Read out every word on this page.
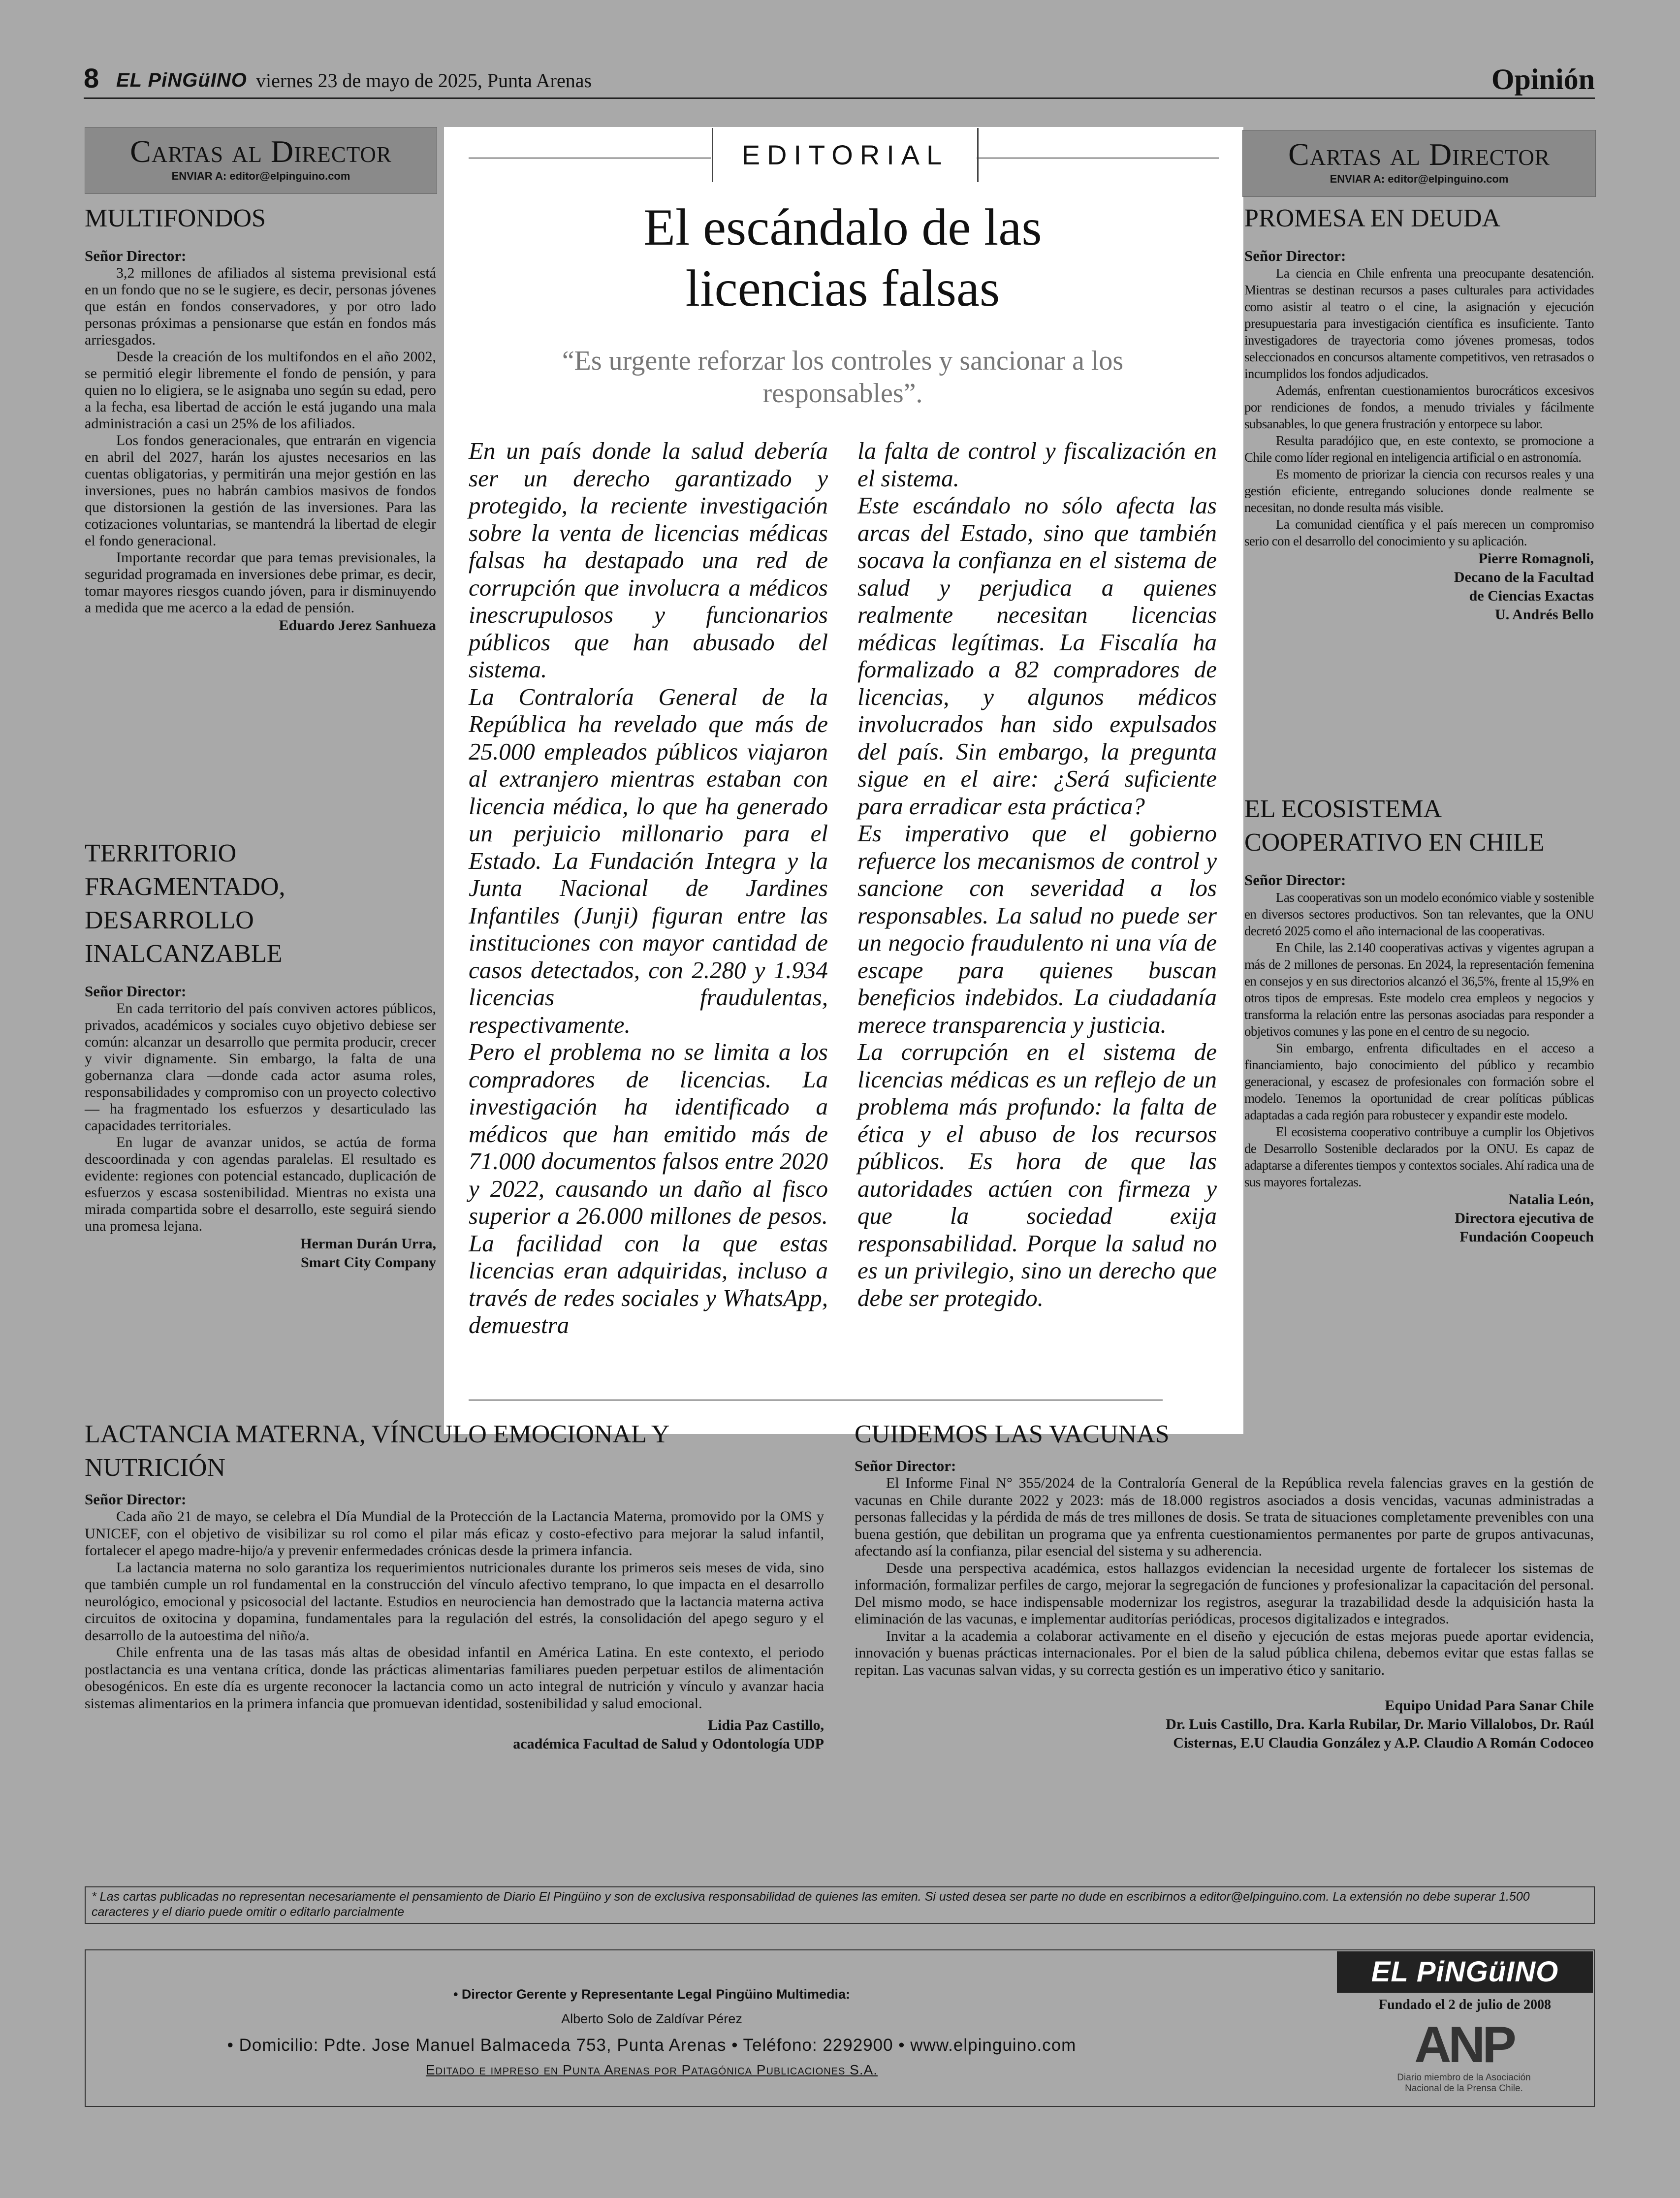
8 EL PiNGüINO viernes 23 de mayo de 2025, Punta Arenas	Opinión
Cartas al Director
ENVIAR A: editor@elpinguino.com
MULTIFONDOS

Señor Director:

3,2 millones de afiliados al sistema previsional está en un fondo que no se le sugiere, es decir, personas jóvenes que están en fondos conservadores, y por otro lado personas próximas a pensionarse que están en fondos más arriesgados.

Desde la creación de los multifondos en el año 2002, se permitió elegir libremente el fondo de pensión, y para quien no lo eligiera, se le asignaba uno según su edad, pero a la fecha, esa libertad de acción le está jugando una mala administración a casi un 25% de los afiliados.

Los fondos generacionales, que entrarán en vigencia en abril del 2027, harán los ajustes necesarios en las cuentas obligatorias, y permitirán una mejor gestión en las inversiones, pues no habrán cambios masivos de fondos que distorsionen la gestión de las inversiones. Para las cotizaciones voluntarias, se mantendrá la libertad de elegir el fondo generacional.

Importante recordar que para temas previsionales, la seguridad programada en inversiones debe primar, es decir, tomar mayores riesgos cuando jóven, para ir disminuyendo a medida que me acerco a la edad de pensión.

Eduardo Jerez Sanhueza

TERRITORIO FRAGMENTADO, DESARROLLO INALCANZABLE

Señor Director:

En cada territorio del país conviven actores públicos, privados, académicos y sociales cuyo objetivo debiese ser común: alcanzar un desarrollo que permita producir, crecer y vivir dignamente. Sin embargo, la falta de una gobernanza clara —donde cada actor asuma roles, responsabilidades y compromiso con un proyecto colectivo— ha fragmentado los esfuerzos y desarticulado las capacidades territoriales.

En lugar de avanzar unidos, se actúa de forma descoordinada y con agendas paralelas. El resultado es evidente: regiones con potencial estancado, duplicación de esfuerzos y escasa sostenibilidad. Mientras no exista una mirada compartida sobre el desarrollo, este seguirá siendo una promesa lejana.

Herman Durán Urra,

Smart City Company

EDITORIAL
El escándalo de las licencias falsas
“Es urgente reforzar los controles y sancionar a los responsables”.

En un país donde la salud debería ser un derecho garantizado y protegido, la reciente investigación sobre la venta de licencias médicas falsas ha destapado una red de corrupción que involucra a médicos inescrupulosos y funcionarios públicos que han abusado del sistema.

La Contraloría General de la República ha revelado que más de 25.000 empleados públicos viajaron al extranjero mientras estaban con licencia médica, lo que ha generado un perjuicio millonario para el Estado. La Fundación Integra y la Junta Nacional de Jardines Infantiles (Junji) figuran entre las instituciones con mayor cantidad de casos detectados, con 2.280 y 1.934 licencias fraudulentas, respectivamente.

Pero el problema no se limita a los compradores de licencias. La investigación ha identificado a médicos que han emitido más de 71.000 documentos falsos entre 2020 y 2022, causando un daño al fisco superior a 26.000 millones de pesos. La facilidad con la que estas licencias eran adquiridas, incluso a través de redes sociales y WhatsApp, demuestra

la falta de control y fiscalización en el sistema.

Este escándalo no sólo afecta las arcas del Estado, sino que también socava la confianza en el sistema de salud y perjudica a quienes realmente necesitan licencias médicas legítimas. La Fiscalía ha formalizado a 82 compradores de licencias, y algunos médicos involucrados han sido expulsados del país. Sin embargo, la pregunta sigue en el aire: ¿Será suficiente para erradicar esta práctica?

Es imperativo que el gobierno refuerce los mecanismos de control y sancione con severidad a los responsables. La salud no puede ser un negocio fraudulento ni una vía de escape para quienes buscan beneficios indebidos. La ciudadanía merece transparencia y justicia.

La corrupción en el sistema de licencias médicas es un reflejo de un problema más profundo: la falta de ética y el abuso de los recursos públicos. Es hora de que las autoridades actúen con firmeza y que la sociedad exija responsabilidad. Porque la salud no es un privilegio, sino un derecho que debe ser protegido.

Cartas al Director
ENVIAR A: editor@elpinguino.com
PROMESA EN DEUDA

Señor Director:

La ciencia en Chile enfrenta una preocupante desatención. Mientras se destinan recursos a pases culturales para actividades como asistir al teatro o el cine, la asignación y ejecución presupuestaria para investigación científica es insuficiente. Tanto investigadores de trayectoria como jóvenes promesas, todos seleccionados en concursos altamente competitivos, ven retrasados o incumplidos los fondos adjudicados.

Además, enfrentan cuestionamientos burocráticos excesivos por rendiciones de fondos, a menudo triviales y fácilmente subsanables, lo que genera frustración y entorpece su labor.

Resulta paradójico que, en este contexto, se promocione a Chile como líder regional en inteligencia artificial o en astronomía.

Es momento de priorizar la ciencia con recursos reales y una gestión eficiente, entregando soluciones donde realmente se necesitan, no donde resulta más visible.

La comunidad científica y el país merecen un compromiso serio con el desarrollo del conocimiento y su aplicación.

Pierre Romagnoli,

Decano de la Facultad

de Ciencias Exactas

U. Andrés Bello

EL ECOSISTEMA COOPERATIVO EN CHILE

Señor Director:

Las cooperativas son un modelo económico viable y sostenible en diversos sectores productivos. Son tan relevantes, que la ONU decretó 2025 como el año internacional de las cooperativas.

En Chile, las 2.140 cooperativas activas y vigentes agrupan a más de 2 millones de personas. En 2024, la representación femenina en consejos y en sus directorios alcanzó el 36,5%, frente al 15,9% en otros tipos de empresas. Este modelo crea empleos y negocios y transforma la relación entre las personas asociadas para responder a objetivos comunes y las pone en el centro de su negocio.

Sin embargo, enfrenta dificultades en el acceso a financiamiento, bajo conocimiento del público y recambio generacional, y escasez de profesionales con formación sobre el modelo. Tenemos la oportunidad de crear políticas públicas adaptadas a cada región para robustecer y expandir este modelo.

El ecosistema cooperativo contribuye a cumplir los Objetivos de Desarrollo Sostenible declarados por la ONU. Es capaz de adaptarse a diferentes tiempos y contextos sociales. Ahí radica una de sus mayores fortalezas.

Natalia León,

Directora ejecutiva de

Fundación Coopeuch

LACTANCIA MATERNA, VÍNCULO EMOCIONAL Y NUTRICIÓN

Señor Director:

Cada año 21 de mayo, se celebra el Día Mundial de la Protección de la Lactancia Materna, promovido por la OMS y UNICEF, con el objetivo de visibilizar su rol como el pilar más eficaz y costo-efectivo para mejorar la salud infantil, fortalecer el apego madre-hijo/a y prevenir enfermedades crónicas desde la primera infancia.

La lactancia materna no solo garantiza los requerimientos nutricionales durante los primeros seis meses de vida, sino que también cumple un rol fundamental en la construcción del vínculo afectivo temprano, lo que impacta en el desarrollo neurológico, emocional y psicosocial del lactante. Estudios en neurociencia han demostrado que la lactancia materna activa circuitos de oxitocina y dopamina, fundamentales para la regulación del estrés, la consolidación del apego seguro y el desarrollo de la autoestima del niño/a.

Chile enfrenta una de las tasas más altas de obesidad infantil en América Latina. En este contexto, el periodo postlactancia es una ventana crítica, donde las prácticas alimentarias familiares pueden perpetuar estilos de alimentación obesogénicos. En este día es urgente reconocer la lactancia como un acto integral de nutrición y vínculo y avanzar hacia sistemas alimentarios en la primera infancia que promuevan identidad, sostenibilidad y salud emocional.

Lidia Paz Castillo,

académica Facultad de Salud y Odontología UDP

CUIDEMOS LAS VACUNAS

Señor Director:

El Informe Final N° 355/2024 de la Contraloría General de la República revela falencias graves en la gestión de vacunas en Chile durante 2022 y 2023: más de 18.000 registros asociados a dosis vencidas, vacunas administradas a personas fallecidas y la pérdida de más de tres millones de dosis. Se trata de situaciones completamente prevenibles con una buena gestión, que debilitan un programa que ya enfrenta cuestionamientos permanentes por parte de grupos antivacunas, afectando así la confianza, pilar esencial del sistema y su adherencia.

Desde una perspectiva académica, estos hallazgos evidencian la necesidad urgente de fortalecer los sistemas de información, formalizar perfiles de cargo, mejorar la segregación de funciones y profesionalizar la capacitación del personal. Del mismo modo, se hace indispensable modernizar los registros, asegurar la trazabilidad desde la adquisición hasta la eliminación de las vacunas, e implementar auditorías periódicas, procesos digitalizados e integrados.

Invitar a la academia a colaborar activamente en el diseño y ejecución de estas mejoras puede aportar evidencia, innovación y buenas prácticas internacionales. Por el bien de la salud pública chilena, debemos evitar que estas fallas se repitan. Las vacunas salvan vidas, y su correcta gestión es un imperativo ético y sanitario.

Equipo Unidad Para Sanar Chile

Dr. Luis Castillo, Dra. Karla Rubilar, Dr. Mario Villalobos, Dr. Raúl

Cisternas, E.U Claudia González y A.P. Claudio A Román Codoceo

* Las cartas publicadas no representan necesariamente el pensamiento de Diario El Pingüino y son de exclusiva responsabilidad de quienes las emiten. Si usted desea ser parte no dude en escribirnos a editor@elpinguino.com. La extensión no debe superar 1.500 caracteres y el diario puede omitir o editarlo parcialmente
• Director Gerente y Representante Legal Pingüino Multimedia:
Alberto Solo de Zaldívar Pérez
• Domicilio: Pdte. Jose Manuel Balmaceda 753, Punta Arenas • Teléfono: 2292900 • www.elpinguino.com
Editado e impreso en Punta Arenas por Patagónica Publicaciones S.A.
EL PiNGüINO
Fundado el 2 de julio de 2008
ANP
Diario miembro de la Asociación Nacional de la Prensa Chile.
